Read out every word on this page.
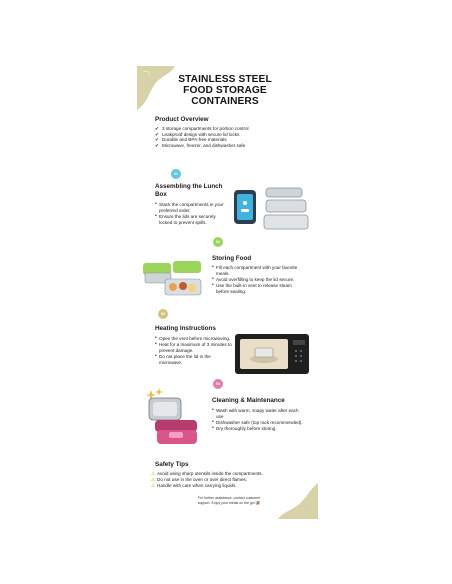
STAINLESS STEEL
FOOD STORAGE
CONTAINERS
Product Overview
✔ 3 storage compartments for portion control
✔ Leakproof design with secure lid locks
✔ Durable and BPA-free materials
✔ Microwave, freezer, and dishwasher safe
01
Assembling the Lunch Box
• Stack the compartments in your preferred order.
• Ensure the lids are securely locked to prevent spills.
02
Storing Food
• Fill each compartment with your favorite meals.
• Avoid overfilling to keep the lid secure.
• Use the built-in vent to release steam before sealing.
03
Heating Instructions
• Open the vent before microwaving.
• Heat for a maximum of 3 minutes to prevent damage.
• Do not place the lid in the microwave.
04
Cleaning & Maintenance
• Wash with warm, soapy water after each use.
• Dishwasher safe (top rack recommended).
• Dry thoroughly before storing.
Safety Tips
⚠ Avoid using sharp utensils inside the compartments.
⚠ Do not use in the oven or over direct flames.
⚠ Handle with care when carrying liquids.
For further assistance, contact customer
support. Enjoy your meals on the go! 🍱
